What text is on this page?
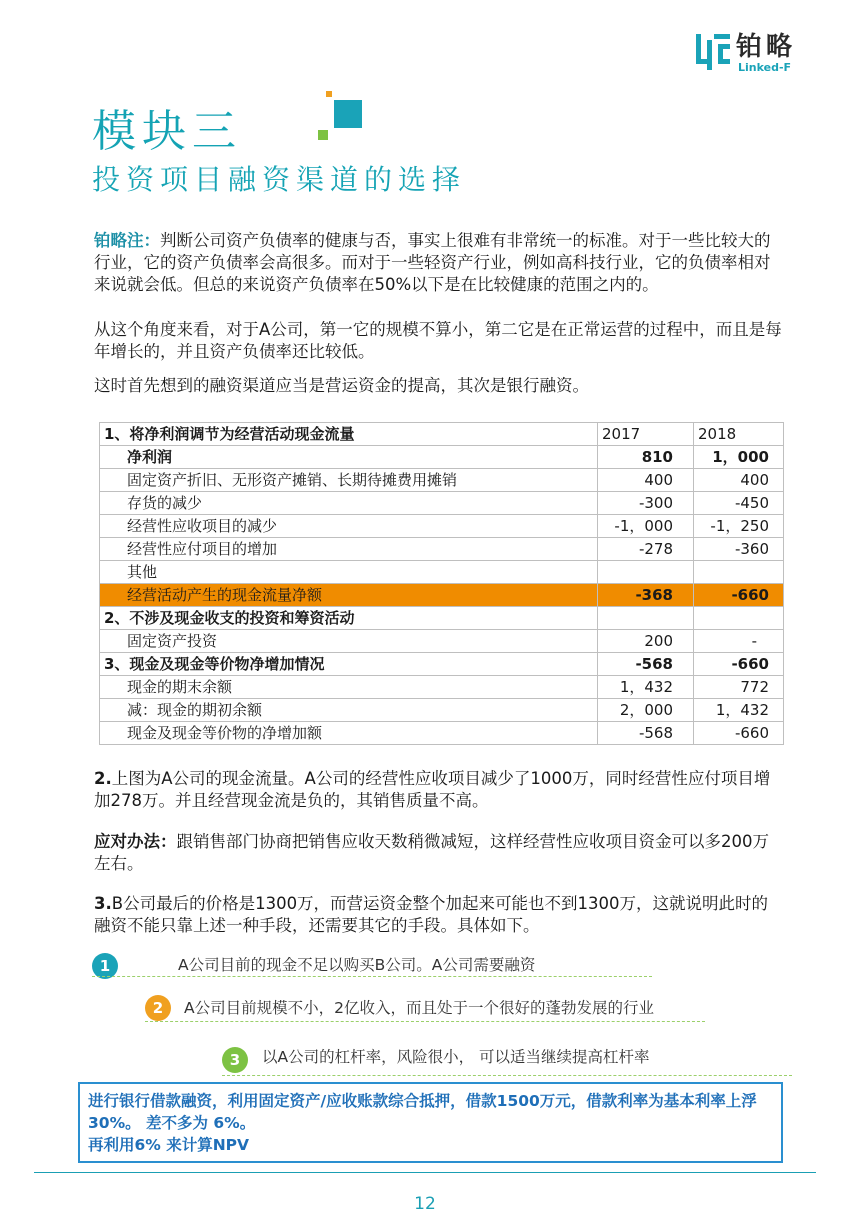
铂略
Linked-F
模块三
投资项目融资渠道的选择
铂略注：判断公司资产负债率的健康与否，事实上很难有非常统一的标准。对于一些比较大的行业，它的资产负债率会高很多。而对于一些轻资产行业，例如高科技行业，它的负债率相对来说就会低。但总的来说资产负债率在50%以下是在比较健康的范围之内的。
从这个角度来看，对于A公司，第一它的规模不算小，第二它是在正常运营的过程中，而且是每年增长的，并且资产负债率还比较低。
这时首先想到的融资渠道应当是营运资金的提高，其次是银行融资。
1、将净利润调节为经营活动现金流量	2017	2018
净利润	810	1，000
固定资产折旧、无形资产摊销、长期待摊费用摊销	400	400
存货的减少	-300	-450
经营性应收项目的减少	-1，000	-1，250
经营性应付项目的增加	-278	-360
其他		
经营活动产生的现金流量净额	-368	-660
2、不涉及现金收支的投资和筹资活动		
固定资产投资	200	-
3、现金及现金等价物净增加情况	-568	-660
现金的期末余额	1，432	772
减：现金的期初余额	2，000	1，432
现金及现金等价物的净增加额	-568	-660
2.上图为A公司的现金流量。A公司的经营性应收项目减少了1000万，同时经营性应付项目增加278万。并且经营现金流是负的，其销售质量不高。
应对办法：跟销售部门协商把销售应收天数稍微减短，这样经营性应收项目资金可以多200万左右。
3.B公司最后的价格是1300万，而营运资金整个加起来可能也不到1300万，这就说明此时的融资不能只靠上述一种手段，还需要其它的手段。具体如下。
1	A公司目前的现金不足以购买B公司。A公司需要融资
2	A公司目前规模不小，2亿收入，而且处于一个很好的蓬勃发展的行业
3	以A公司的杠杆率，风险很小， 可以适当继续提高杠杆率
进行银行借款融资，利用固定资产/应收账款综合抵押，借款1500万元，借款利率为基本利率上浮 30%。 差不多为 6%。
再利用6% 来计算NPV
12
